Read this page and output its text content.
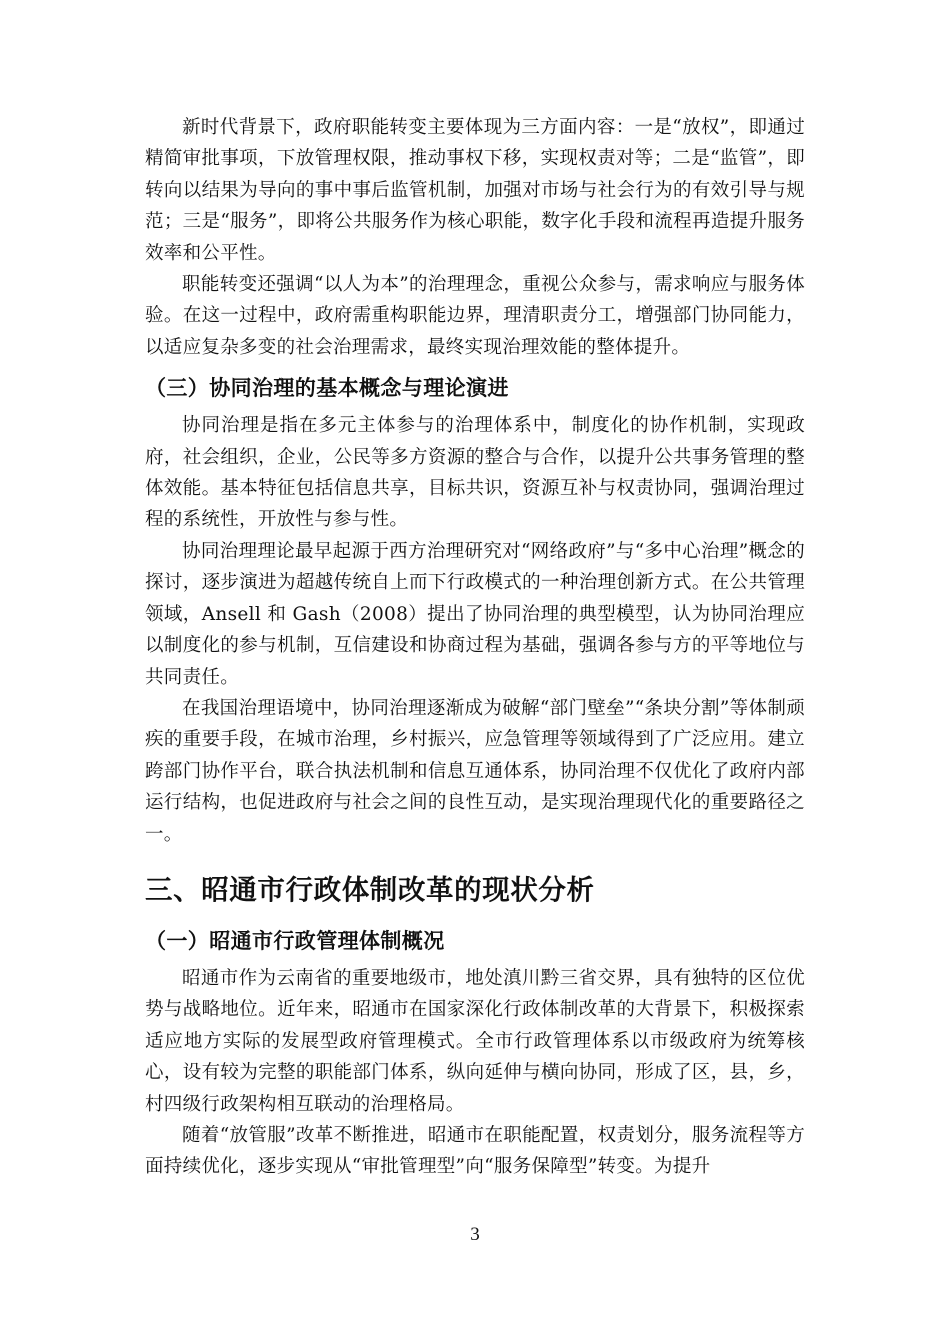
新时代背景下，政府职能转变主要体现为三方面内容：一是“放权”，即通过精简审批事项，下放管理权限，推动事权下移，实现权责对等；二是“监管”，即转向以结果为导向的事中事后监管机制，加强对市场与社会行为的有效引导与规范；三是“服务”，即将公共服务作为核心职能，数字化手段和流程再造提升服务效率和公平性。

职能转变还强调“以人为本”的治理理念，重视公众参与，需求响应与服务体验。在这一过程中，政府需重构职能边界，理清职责分工，增强部门协同能力，以适应复杂多变的社会治理需求，最终实现治理效能的整体提升。

（三）协同治理的基本概念与理论演进

协同治理是指在多元主体参与的治理体系中，制度化的协作机制，实现政府，社会组织，企业，公民等多方资源的整合与合作，以提升公共事务管理的整体效能。基本特征包括信息共享，目标共识，资源互补与权责协同，强调治理过程的系统性，开放性与参与性。

协同治理理论最早起源于西方治理研究对“网络政府”与“多中心治理”概念的探讨，逐步演进为超越传统自上而下行政模式的一种治理创新方式。在公共管理领域，Ansell 和 Gash（2008）提出了协同治理的典型模型，认为协同治理应以制度化的参与机制，互信建设和协商过程为基础，强调各参与方的平等地位与共同责任。

在我国治理语境中，协同治理逐渐成为破解“部门壁垒”“条块分割”等体制顽疾的重要手段，在城市治理，乡村振兴，应急管理等领域得到了广泛应用。建立跨部门协作平台，联合执法机制和信息互通体系，协同治理不仅优化了政府内部运行结构，也促进政府与社会之间的良性互动，是实现治理现代化的重要路径之一。

三、昭通市行政体制改革的现状分析
（一）昭通市行政管理体制概况

昭通市作为云南省的重要地级市，地处滇川黔三省交界，具有独特的区位优势与战略地位。近年来，昭通市在国家深化行政体制改革的大背景下，积极探索适应地方实际的发展型政府管理模式。全市行政管理体系以市级政府为统筹核心，设有较为完整的职能部门体系，纵向延伸与横向协同，形成了区，县，乡，村四级行政架构相互联动的治理格局。

随着“放管服”改革不断推进，昭通市在职能配置，权责划分，服务流程等方面持续优化，逐步实现从“审批管理型”向“服务保障型”转变。为提升

3
